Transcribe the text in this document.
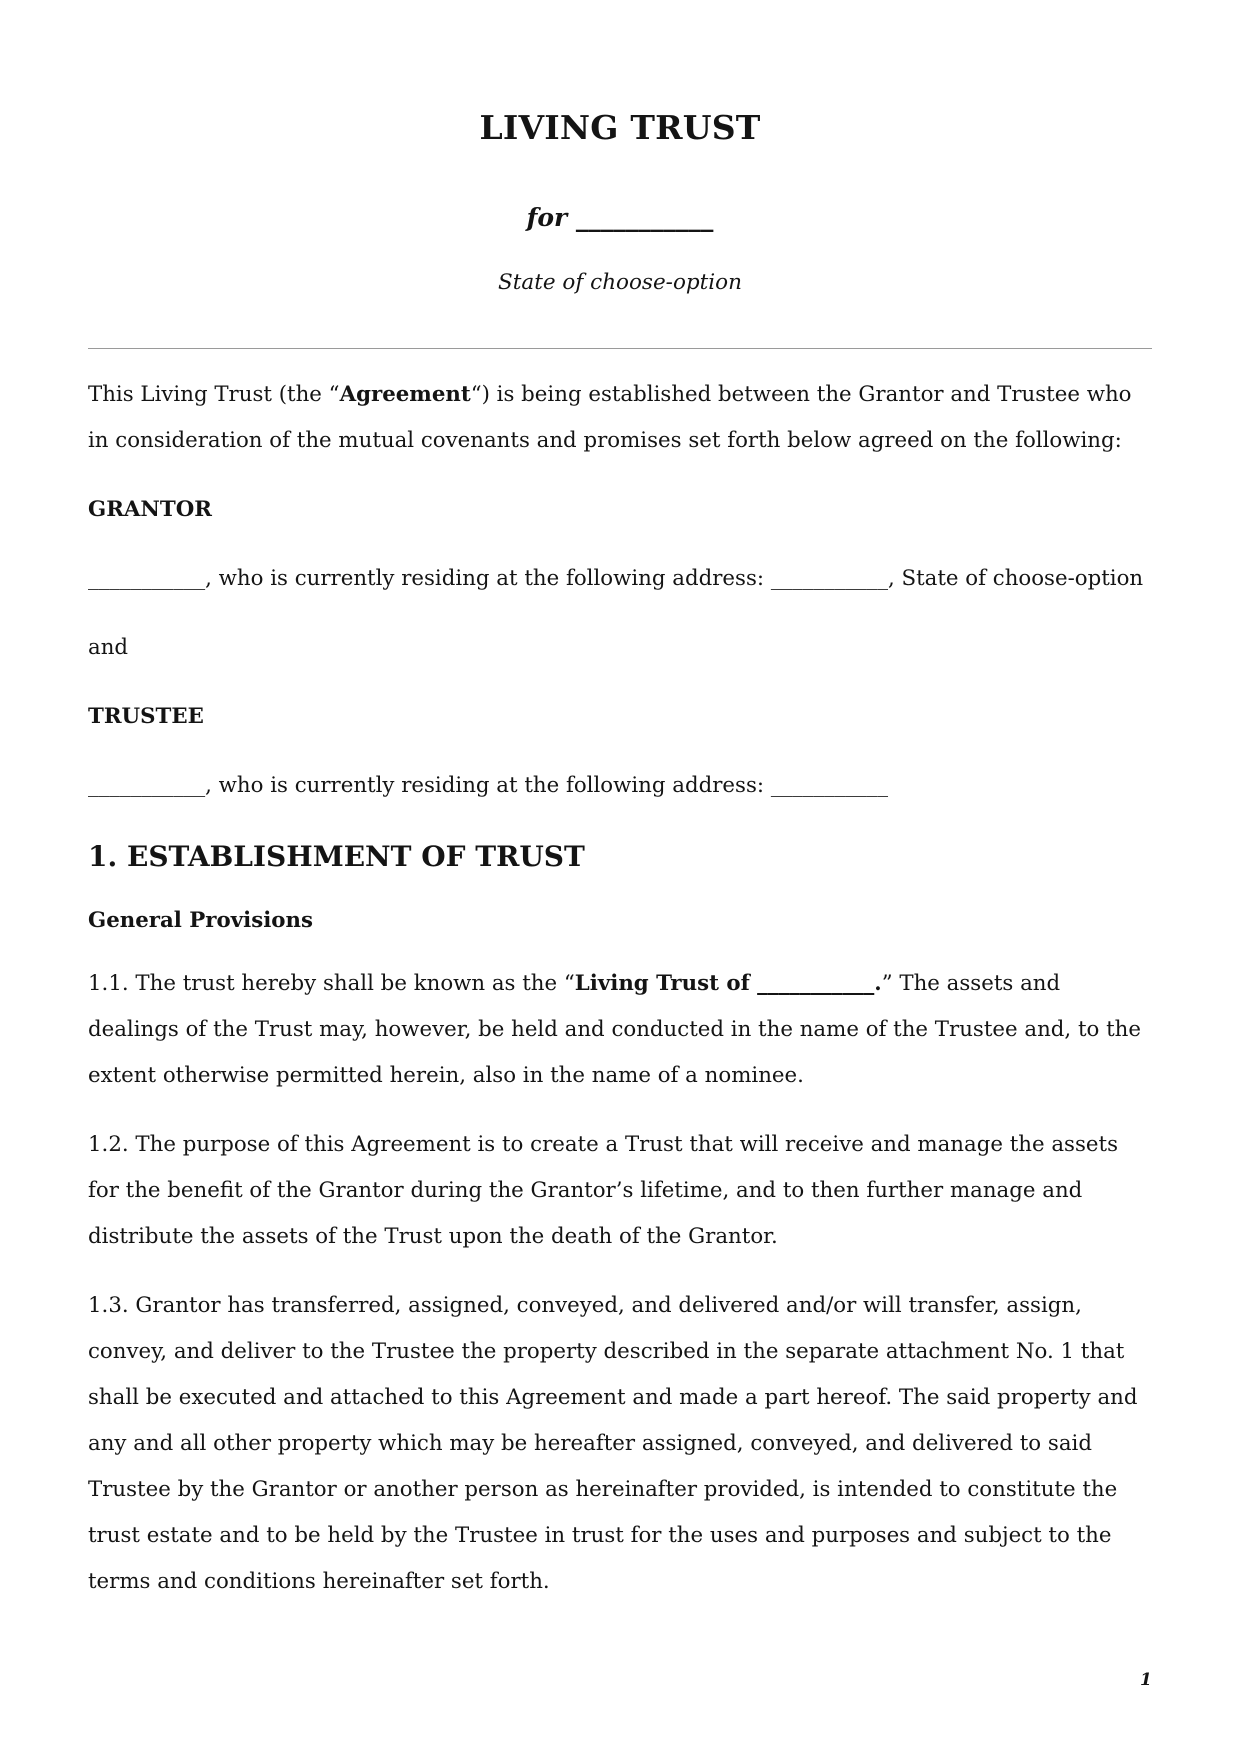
LIVING TRUST
for ___________
State of choose-option

This Living Trust (the “Agreement“) is being established between the Grantor and Trustee who in consideration of the mutual covenants and promises set forth below agreed on the following:

GRANTOR

___________, who is currently residing at the following address: ___________, State of choose-option

and

TRUSTEE

___________, who is currently residing at the following address: ___________

1. ESTABLISHMENT OF TRUST
General Provisions

1.1. The trust hereby shall be known as the “Living Trust of ___________.” The assets and dealings of the Trust may, however, be held and conducted in the name of the Trustee and, to the extent otherwise permitted herein, also in the name of a nominee.

1.2. The purpose of this Agreement is to create a Trust that will receive and manage the assets for the benefit of the Grantor during the Grantor’s lifetime, and to then further manage and distribute the assets of the Trust upon the death of the Grantor.

1.3. Grantor has transferred, assigned, conveyed, and delivered and/or will transfer, assign, convey, and deliver to the Trustee the property described in the separate attachment No. 1 that shall be executed and attached to this Agreement and made a part hereof. The said property and any and all other property which may be hereafter assigned, conveyed, and delivered to said Trustee by the Grantor or another person as hereinafter provided, is intended to constitute the trust estate and to be held by the Trustee in trust for the uses and purposes and subject to the terms and conditions hereinafter set forth.

1
